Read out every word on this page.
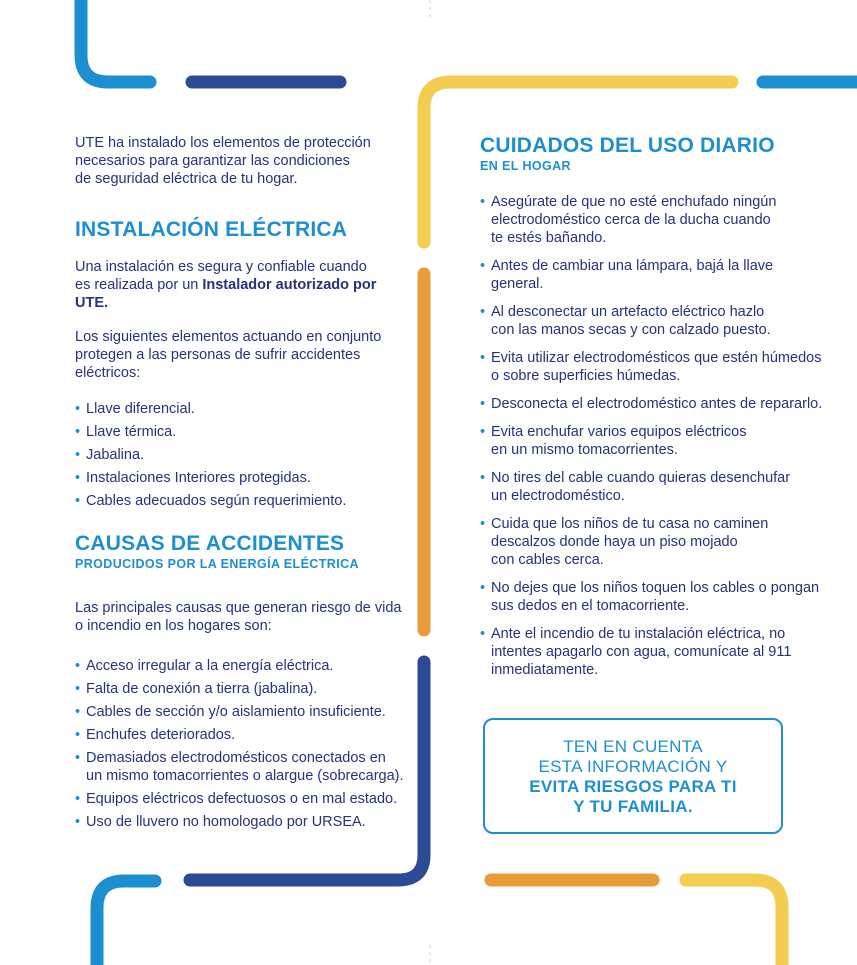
UTE ha instalado los elementos de protección

necesarios para garantizar las condiciones

de seguridad eléctrica de tu hogar.

INSTALACIÓN ELÉCTRICA

Una instalación es segura y confiable cuando

es realizada por un Instalador autorizado por UTE.

Los siguientes elementos actuando en conjunto

protegen a las personas de sufrir accidentes

eléctricos:

• Llave diferencial.
• Llave térmica.
• Jabalina.
• Instalaciones Interiores protegidas.
• Cables adecuados según requerimiento.
CAUSAS DE ACCIDENTES
PRODUCIDOS POR LA ENERGÍA ELÉCTRICA

Las principales causas que generan riesgo de vida

o incendio en los hogares son:

• Acceso irregular a la energía eléctrica.
• Falta de conexión a tierra (jabalina).
• Cables de sección y/o aislamiento insuficiente.
• Enchufes deteriorados.
• Demasiados electrodomésticos conectados en
un mismo tomacorrientes o alargue (sobrecarga).
• Equipos eléctricos defectuosos o en mal estado.
• Uso de lluvero no homologado por URSEA.
CUIDADOS DEL USO DIARIO
EN EL HOGAR
• Asegúrate de que no esté enchufado ningún
electrodoméstico cerca de la ducha cuando
te estés bañando.
• Antes de cambiar una lámpara, bajá la llave general.
• Al desconectar un artefacto eléctrico hazlo
con las manos secas y con calzado puesto.
• Evita utilizar electrodomésticos que estén húmedos
o sobre superficies húmedas.
• Desconecta el electrodoméstico antes de repararlo.
• Evita enchufar varios equipos eléctricos
en un mismo tomacorrientes.
• No tires del cable cuando quieras desenchufar
un electrodoméstico.
• Cuida que los niños de tu casa no caminen
descalzos donde haya un piso mojado
con cables cerca.
• No dejes que los niños toquen los cables o pongan
sus dedos en el tomacorriente.
• Ante el incendio de tu instalación eléctrica, no
intentes apagarlo con agua, comunícate al 911
inmediatamente.
TEN EN CUENTA
ESTA INFORMACIÓN Y
EVITA RIESGOS PARA TI
Y TU FAMILIA.
